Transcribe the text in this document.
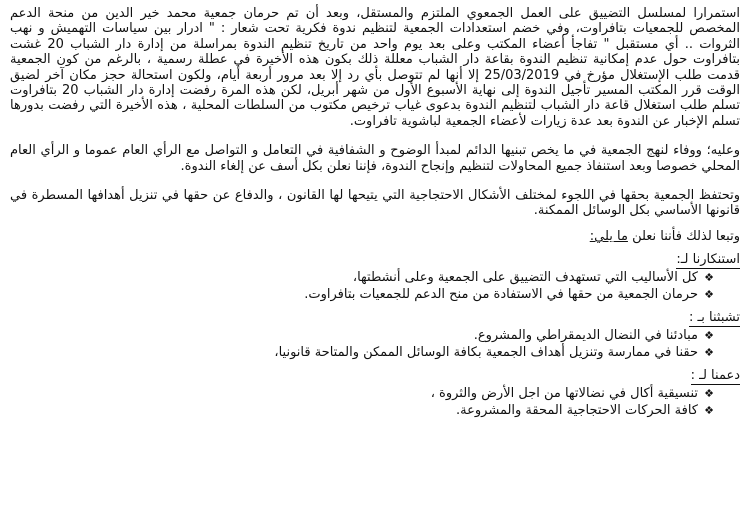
استمرارا لمسلسل التضييق على العمل الجمعوي الملتزم والمستقل، وبعد أن تم حرمان جمعية محمد خير الدين من منحة الدعم المخصص للجمعيات بتافراوت، وفي خضم استعدادات الجمعية لتنظيم ندوة فكرية تحت شعار : " ادرار بين سياسات التهميش و نهب الثروات .. أي مستقبل " تفاجأ أعضاء المكتب وعلى بعد يوم واحد من تاريخ تنظيم الندوة بمراسلة من إدارة دار الشباب 20 غشت بتافراوت حول عدم إمكانية تنظيم الندوة بقاعة دار الشباب معللة ذلك بكون هذه الأخيرة في عطلة رسمية ، بالرغم من كون الجمعية قدمت طلب الإستغلال مؤرخ في 25/03/2019 إلا أنها لم تتوصل بأي رد إلا بعد مرور أربعة أيام، ولكون استحالة حجز مكان آخر لضيق الوقت قرر المكتب المسير تأجيل الندوة إلى نهاية الأسبوع الأول من شهر أبريل، لكن هذه المرة رفضت إدارة دار الشباب 20 بتافراوت تسلم طلب استغلال قاعة دار الشباب لتنظيم الندوة بدعوى غياب ترخيص مكتوب من السلطات المحلية ، هذه الأخيرة التي رفضت بدورها تسلم الإخبار عن الندوة بعد عدة زيارات لأعضاء الجمعية لباشوية تافراوت.

وعليه؛ ووفاء لنهج الجمعية في ما يخص تبنيها الدائم لمبدأ الوضوح و الشفافية في التعامل و التواصل مع الرأي العام عموما و الرأي العام المحلي خصوصا وبعد استنفاذ جميع المحاولات لتنظيم وإنجاح الندوة، فإننا نعلن بكل أسف عن إلغاء الندوة.

وتحتفظ الجمعية بحقها في اللجوء لمختلف الأشكال الاحتجاجية التي يتيحها لها القانون ، والدفاع عن حقها في تنزيل أهدافها المسطرة في قانونها الأساسي بكل الوسائل الممكنة.

وتبعا لذلك فأننا نعلن ما يلي:
استنكارنا لـ:
❖
كل الأساليب التي تستهدف التضييق على الجمعية وعلى أنشطتها،
❖
حرمان الجمعية من حقها في الاستفادة من منح الدعم للجمعيات بتافراوت.
تشبثنا بـ :
❖
مبادئنا في النضال الديمقراطي والمشروع.
❖
حقنا في ممارسة وتنزيل أهداف الجمعية بكافة الوسائل الممكن والمتاحة قانونيا،
دعمنا لـ :
❖
تنسيقية أكال في نضالاتها من اجل الأرض والثروة ،
❖
كافة الحركات الاحتجاجية المحقة والمشروعة.
